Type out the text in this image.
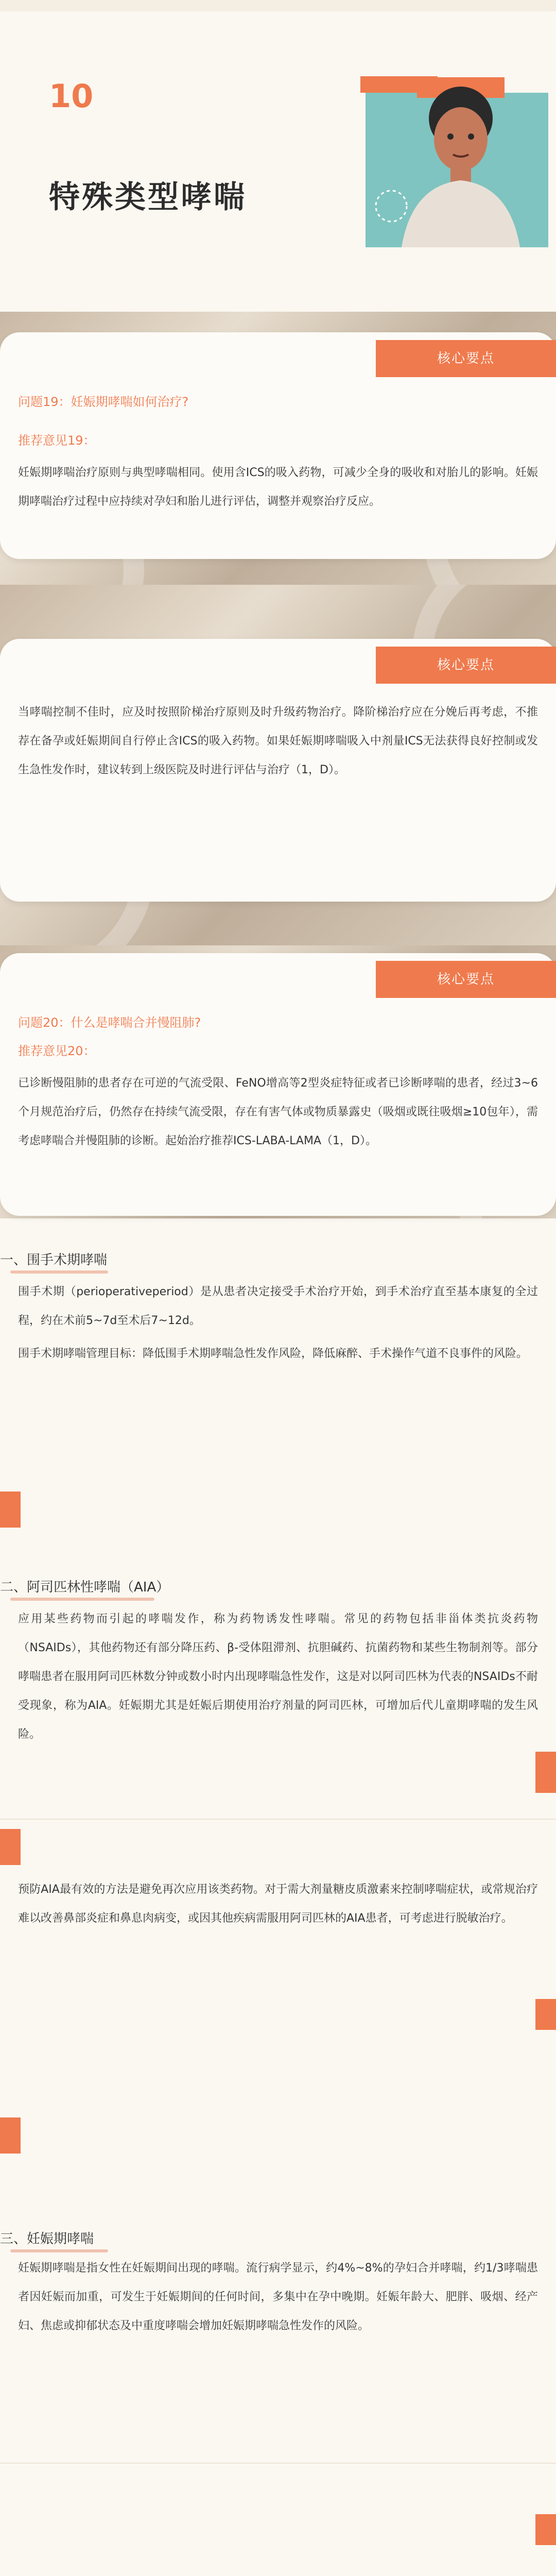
10
特殊类型哮喘
核心要点
问题19：妊娠期哮喘如何治疗?
推荐意见19：
妊娠期哮喘治疗原则与典型哮喘相同。使用含ICS的吸入药物，可减少全身的吸收和对胎儿的影响。妊娠期哮喘治疗过程中应持续对孕妇和胎儿进行评估，调整并观察治疗反应。
核心要点
当哮喘控制不佳时，应及时按照阶梯治疗原则及时升级药物治疗。降阶梯治疗应在分娩后再考虑，不推荐在备孕或妊娠期间自行停止含ICS的吸入药物。如果妊娠期哮喘吸入中剂量ICS无法获得良好控制或发生急性发作时，建议转到上级医院及时进行评估与治疗（1，D）。
核心要点
问题20：什么是哮喘合并慢阻肺?
推荐意见20：
已诊断慢阻肺的患者存在可逆的气流受限、FeNO增高等2型炎症特征或者已诊断哮喘的患者，经过3~6个月规范治疗后，仍然存在持续气流受限，存在有害气体或物质暴露史（吸烟或既往吸烟≥10包年），需考虑哮喘合并慢阻肺的诊断。起始治疗推荐ICS-LABA-LAMA（1，D）。
一、围手术期哮喘
围手术期（perioperativeperiod）是从患者决定接受手术治疗开始，到手术治疗直至基本康复的全过程，约在术前5~7d至术后7~12d。
围手术期哮喘管理目标：降低围手术期哮喘急性发作风险，降低麻醉、手术操作气道不良事件的风险。
二、阿司匹林性哮喘（AIA）
应用某些药物而引起的哮喘发作，称为药物诱发性哮喘。常见的药物包括非甾体类抗炎药物（NSAIDs），其他药物还有部分降压药、β-受体阻滞剂、抗胆碱药、抗菌药物和某些生物制剂等。部分哮喘患者在服用阿司匹林数分钟或数小时内出现哮喘急性发作，这是对以阿司匹林为代表的NSAIDs不耐受现象，称为AIA。妊娠期尤其是妊娠后期使用治疗剂量的阿司匹林，可增加后代儿童期哮喘的发生风险。
预防AIA最有效的方法是避免再次应用该类药物。对于需大剂量糖皮质激素来控制哮喘症状，或常规治疗难以改善鼻部炎症和鼻息肉病变，或因其他疾病需服用阿司匹林的AIA患者，可考虑进行脱敏治疗。
三、妊娠期哮喘
妊娠期哮喘是指女性在妊娠期间出现的哮喘。流行病学显示，约4%~8%的孕妇合并哮喘，约1/3哮喘患者因妊娠而加重，可发生于妊娠期间的任何时间，多集中在孕中晚期。妊娠年龄大、肥胖、吸烟、经产妇、焦虑或抑郁状态及中重度哮喘会增加妊娠期哮喘急性发作的风险。
